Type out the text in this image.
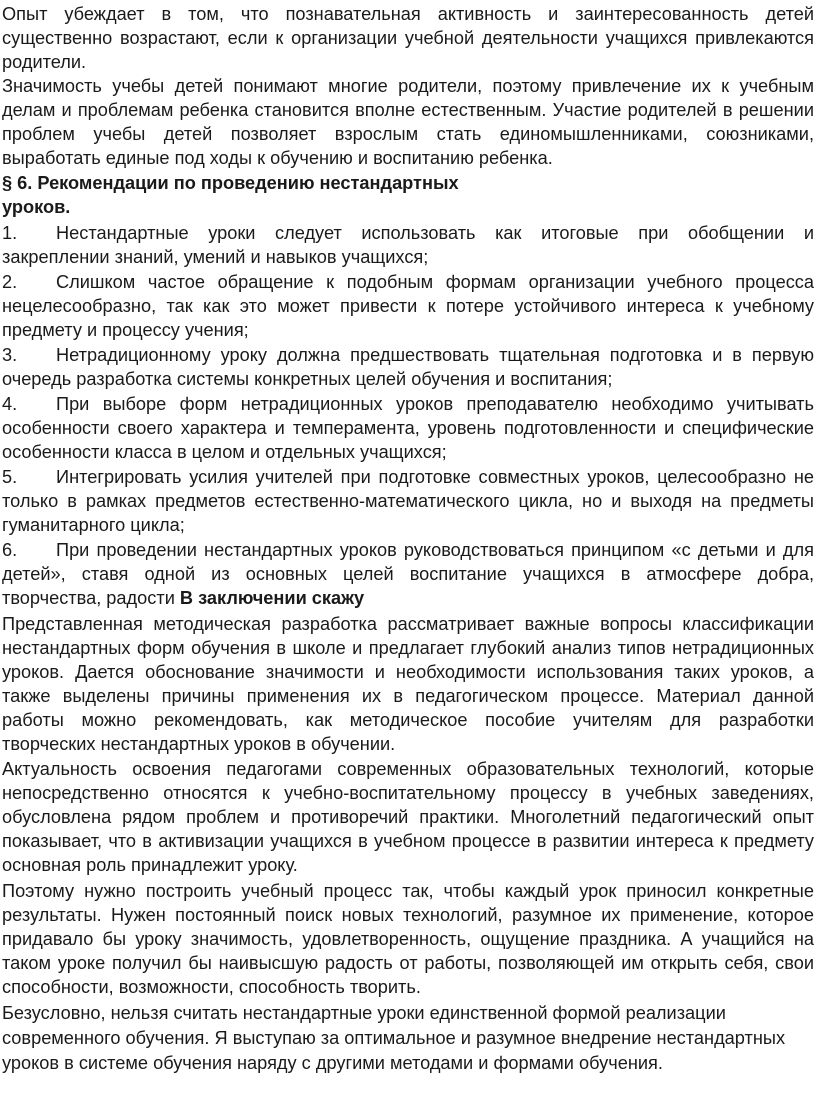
Опыт убеждает в том, что познавательная активность и заинтересованность детей
существенно возрастают, если к организации учебной деятельности учащихся привлекаются
родители.
Значимость учебы детей понимают многие родители, поэтому привлечение их к учебным
делам и проблемам ребенка становится вполне естественным. Участие родителей в решении
проблем учебы детей позволяет взрослым стать единомышленниками, союзниками,
выработать единые под ходы к обучению и воспитанию ребенка.
§ 6. Рекомендации по проведению нестандартных
уроков.
1. Нестандартные уроки следует использовать как итоговые при обобщении и
закреплении знаний, умений и навыков учащихся;
2. Слишком частое обращение к подобным формам организации учебного процесса
нецелесообразно, так как это может привести к потере устойчивого интереса к учебному
предмету и процессу учения;
3. Нетрадиционному уроку должна предшествовать тщательная подготовка и в первую
очередь разработка системы конкретных целей обучения и воспитания;
4. При выборе форм нетрадиционных уроков преподавателю необходимо учитывать
особенности своего характера и темперамента, уровень подготовленности и специфические
особенности класса в целом и отдельных учащихся;
5. Интегрировать усилия учителей при подготовке совместных уроков, целесообразно не
только в рамках предметов естественно-математического цикла, но и выходя на предметы
гуманитарного цикла;
6. При проведении нестандартных уроков руководствоваться принципом «с детьми и для
детей», ставя одной из основных целей воспитание учащихся в атмосфере добра,
творчества, радости В заключении скажу
Представленная методическая разработка рассматривает важные вопросы классификации
нестандартных форм обучения в школе и предлагает глубокий анализ типов нетрадиционных
уроков. Дается обоснование значимости и необходимости использования таких уроков, а
также выделены причины применения их в педагогическом процессе. Материал данной
работы можно рекомендовать, как методическое пособие учителям для разработки
творческих нестандартных уроков в обучении.
Актуальность освоения педагогами современных образовательных технологий, которые
непосредственно относятся к учебно-воспитательному процессу в учебных заведениях,
обусловлена рядом проблем и противоречий практики. Многолетний педагогический опыт
показывает, что в активизации учащихся в учебном процессе в развитии интереса к предмету
основная роль принадлежит уроку.
Поэтому нужно построить учебный процесс так, чтобы каждый урок приносил конкретные
результаты. Нужен постоянный поиск новых технологий, разумное их применение, которое
придавало бы уроку значимость, удовлетворенность, ощущение праздника. А учащийся на
таком уроке получил бы наивысшую радость от работы, позволяющей им открыть себя, свои
способности, возможности, способность творить.
Безусловно, нельзя считать нестандартные уроки единственной формой реализации
современного обучения. Я выступаю за оптимальное и разумное внедрение нестандартных
уроков в системе обучения наряду с другими методами и формами обучения.
